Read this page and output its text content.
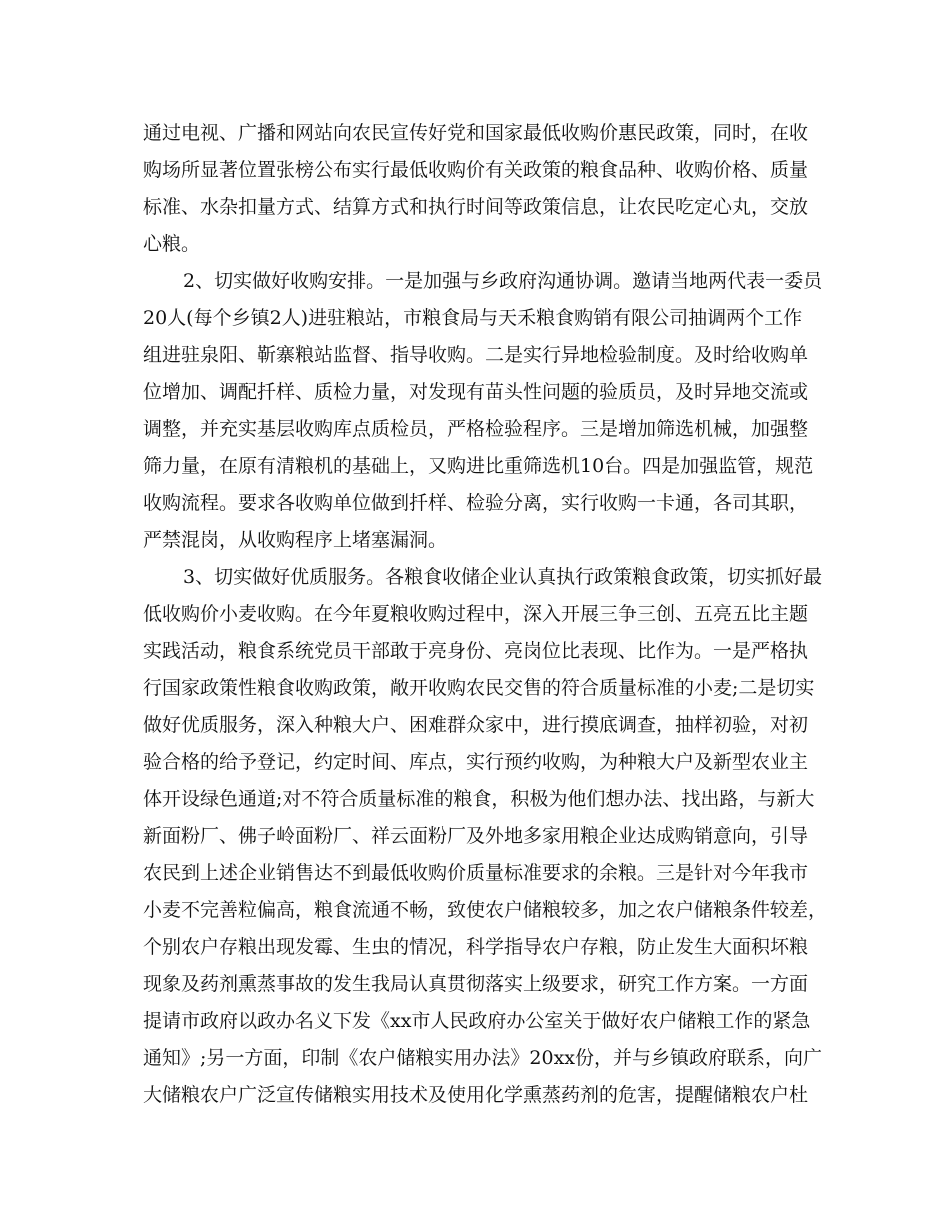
通过电视、广播和网站向农民宣传好党和国家最低收购价惠民政策，同时，在收
购场所显著位置张榜公布实行最低收购价有关政策的粮食品种、收购价格、质量
标准、水杂扣量方式、结算方式和执行时间等政策信息，让农民吃定心丸，交放
心粮。
2、切实做好收购安排。一是加强与乡政府沟通协调。邀请当地两代表一委员
20人(每个乡镇2人)进驻粮站，市粮食局与天禾粮食购销有限公司抽调两个工作
组进驻泉阳、靳寨粮站监督、指导收购。二是实行异地检验制度。及时给收购单
位增加、调配扦样、质检力量，对发现有苗头性问题的验质员，及时异地交流或
调整，并充实基层收购库点质检员，严格检验程序。三是增加筛选机械，加强整
筛力量，在原有清粮机的基础上，又购进比重筛选机10台。四是加强监管，规范
收购流程。要求各收购单位做到扦样、检验分离，实行收购一卡通，各司其职，
严禁混岗，从收购程序上堵塞漏洞。
3、切实做好优质服务。各粮食收储企业认真执行政策粮食政策，切实抓好最
低收购价小麦收购。在今年夏粮收购过程中，深入开展三争三创、五亮五比主题
实践活动，粮食系统党员干部敢于亮身份、亮岗位比表现、比作为。一是严格执
行国家政策性粮食收购政策，敞开收购农民交售的符合质量标准的小麦;二是切实
做好优质服务，深入种粮大户、困难群众家中，进行摸底调查，抽样初验，对初
验合格的给予登记，约定时间、库点，实行预约收购，为种粮大户及新型农业主
体开设绿色通道;对不符合质量标准的粮食，积极为他们想办法、找出路，与新大
新面粉厂、佛子岭面粉厂、祥云面粉厂及外地多家用粮企业达成购销意向，引导
农民到上述企业销售达不到最低收购价质量标准要求的余粮。三是针对今年我市
小麦不完善粒偏高，粮食流通不畅，致使农户储粮较多，加之农户储粮条件较差，
个别农户存粮出现发霉、生虫的情况，科学指导农户存粮，防止发生大面积坏粮
现象及药剂熏蒸事故的发生我局认真贯彻落实上级要求，研究工作方案。一方面
提请市政府以政办名义下发《xx市人民政府办公室关于做好农户储粮工作的紧急
通知》;另一方面，印制《农户储粮实用办法》20xx份，并与乡镇政府联系，向广
大储粮农户广泛宣传储粮实用技术及使用化学熏蒸药剂的危害，提醒储粮农户杜
